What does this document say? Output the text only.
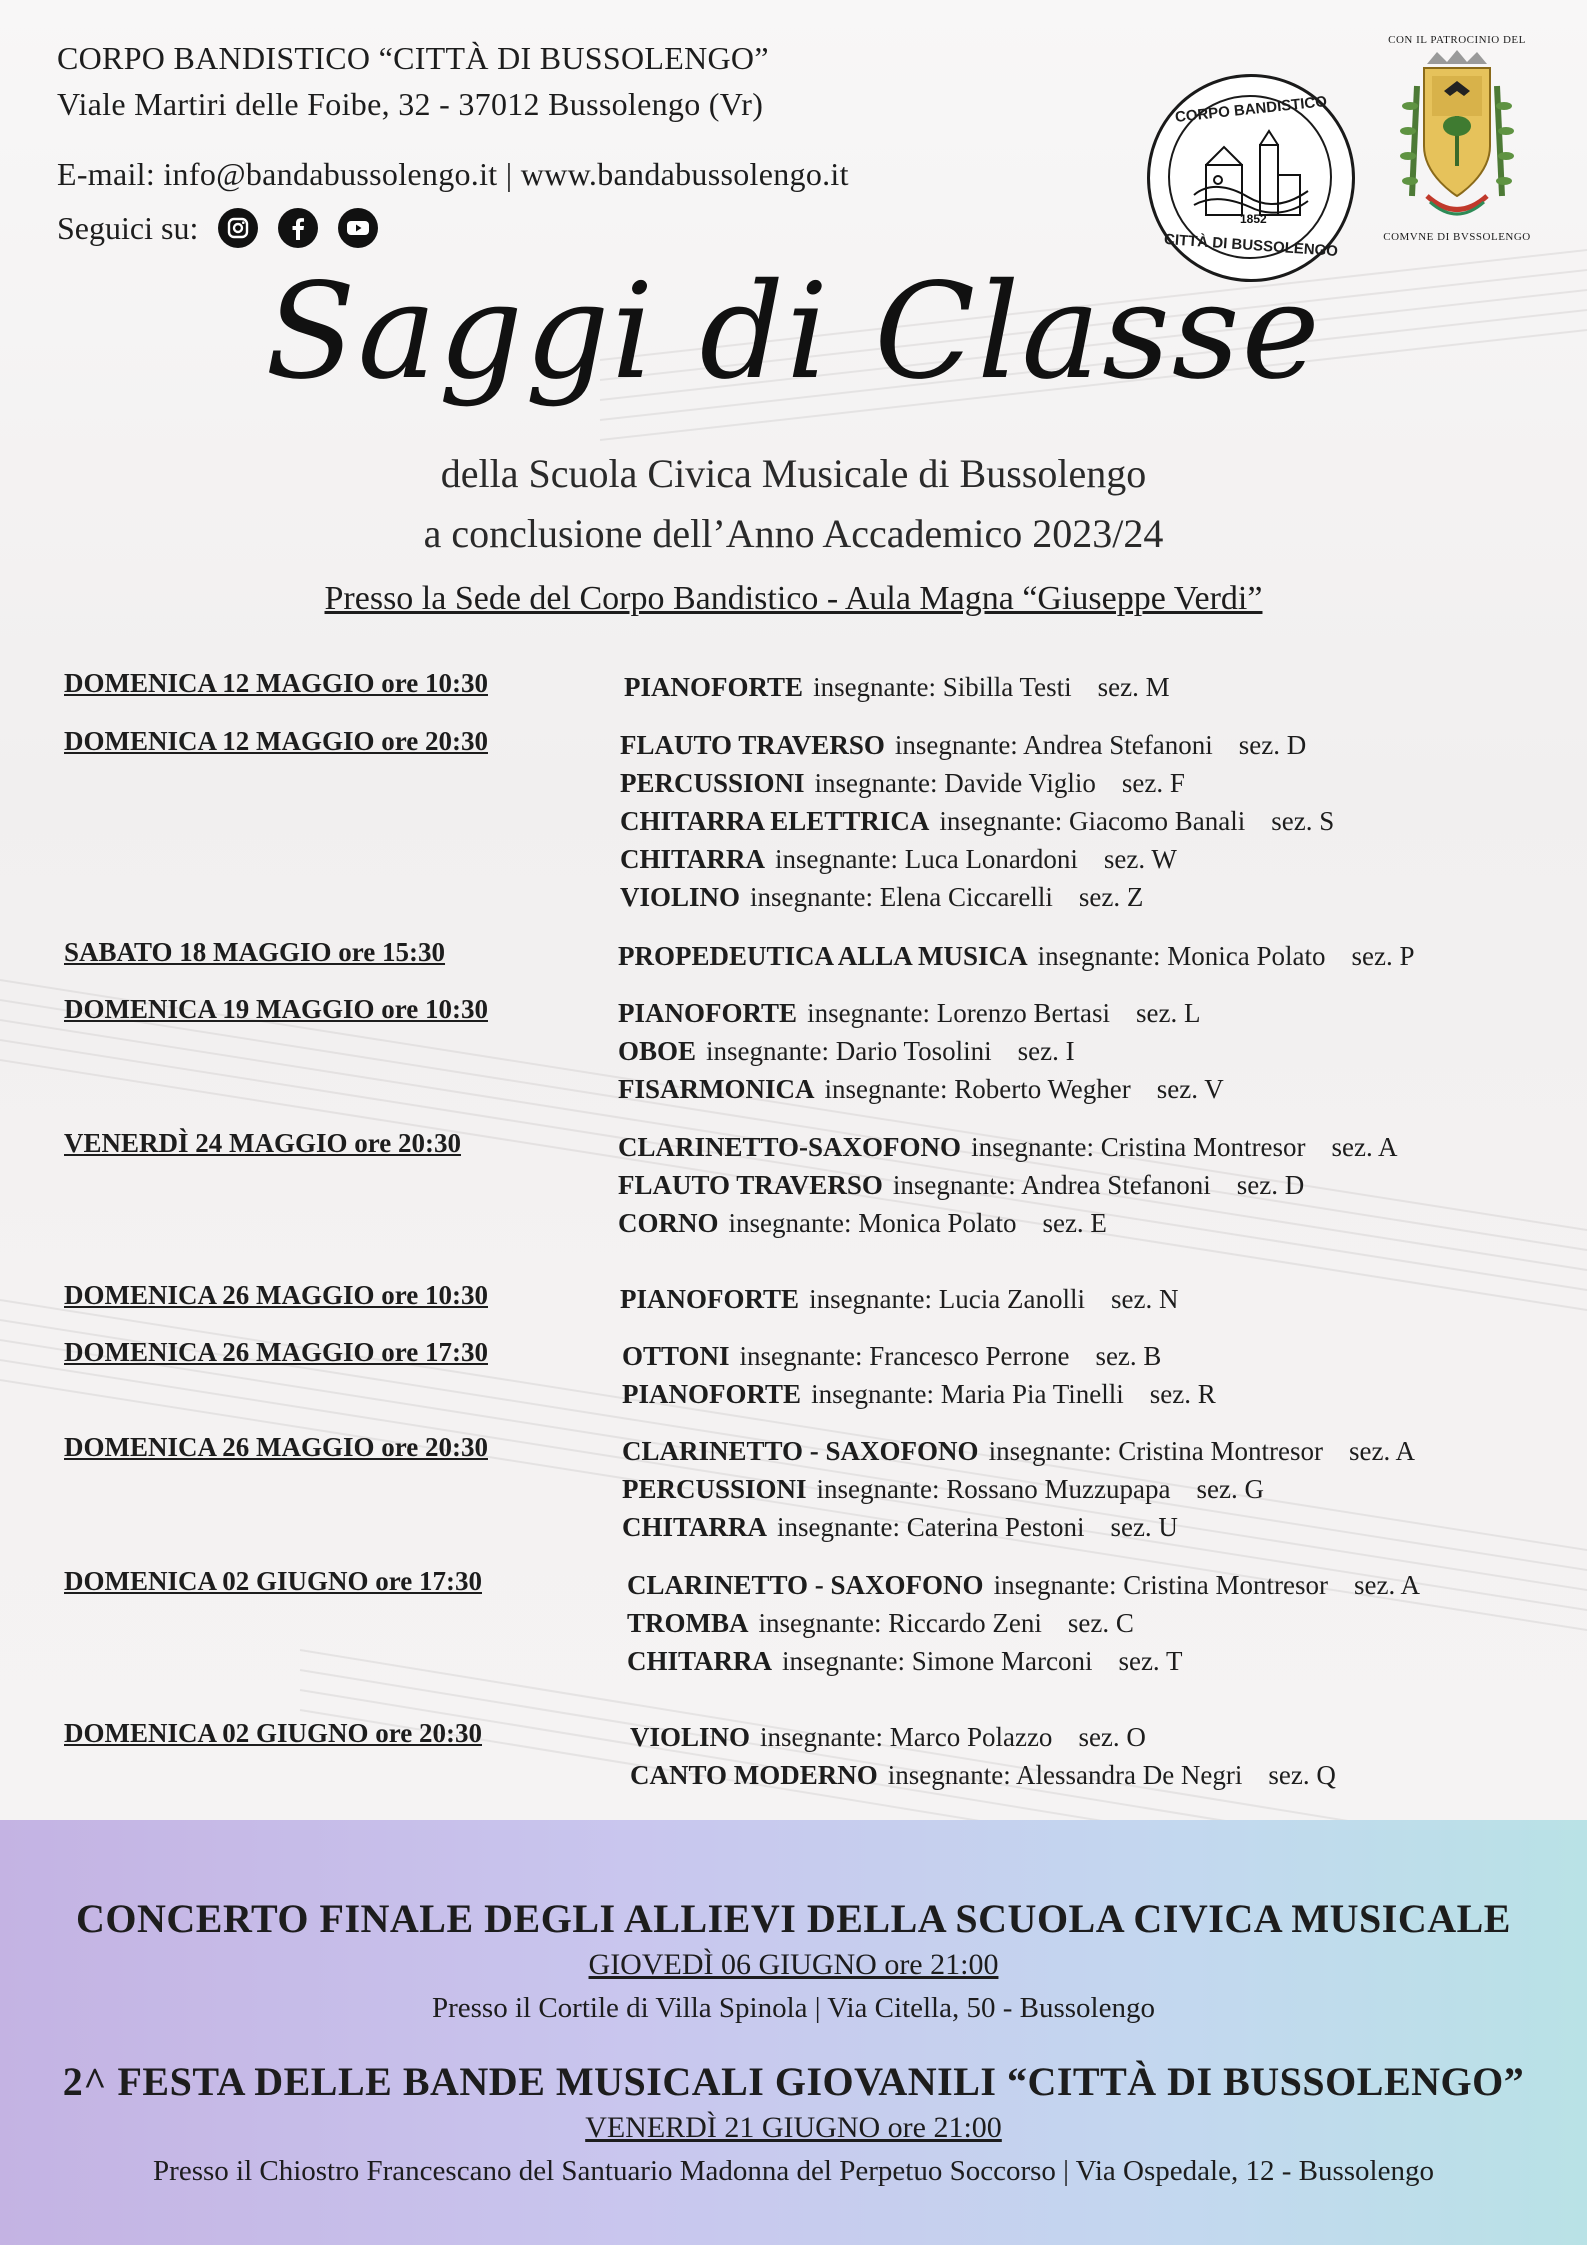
CORPO BANDISTICO “CITTÀ DI BUSSOLENGO”
Viale Martiri delle Foibe, 32 - 37012 Bussolengo (Vr)
E-mail: info@bandabussolengo.it | www.bandabussolengo.it
Seguici su:
CORPO BANDISTICO
1852
CITTÀ DI BUSSOLENGO
CON IL PATROCINIO DEL
COMVNE DI BVSSOLENGO
Saggi di Classe
della Scuola Civica Musicale di Bussolengo
a conclusione dell’Anno Accademico 2023/24
Presso la Sede del Corpo Bandistico - Aula Magna “Giuseppe Verdi”
DOMENICA 12 MAGGIO ore 10:30	PIANOFORTE insegnante: Sibilla Testi sez. M
DOMENICA 12 MAGGIO ore 20:30	FLAUTO TRAVERSO insegnante: Andrea Stefanoni sez. D
PERCUSSIONI insegnante: Davide Viglio sez. F
CHITARRA ELETTRICA insegnante: Giacomo Banali sez. S
CHITARRA insegnante: Luca Lonardoni sez. W
VIOLINO insegnante: Elena Ciccarelli sez. Z
SABATO 18 MAGGIO ore 15:30	PROPEDEUTICA ALLA MUSICA insegnante: Monica Polato sez. P
DOMENICA 19 MAGGIO ore 10:30	PIANOFORTE insegnante: Lorenzo Bertasi sez. L
OBOE insegnante: Dario Tosolini sez. I
FISARMONICA insegnante: Roberto Wegher sez. V
VENERDÌ 24 MAGGIO ore 20:30	CLARINETTO-SAXOFONO insegnante: Cristina Montresor sez. A
FLAUTO TRAVERSO insegnante: Andrea Stefanoni sez. D
CORNO insegnante: Monica Polato sez. E
DOMENICA 26 MAGGIO ore 10:30	PIANOFORTE insegnante: Lucia Zanolli sez. N
DOMENICA 26 MAGGIO ore 17:30	OTTONI insegnante: Francesco Perrone sez. B
PIANOFORTE insegnante: Maria Pia Tinelli sez. R
DOMENICA 26 MAGGIO ore 20:30	CLARINETTO - SAXOFONO insegnante: Cristina Montresor sez. A
PERCUSSIONI insegnante: Rossano Muzzupapa sez. G
CHITARRA insegnante: Caterina Pestoni sez. U
DOMENICA 02 GIUGNO ore 17:30	CLARINETTO - SAXOFONO insegnante: Cristina Montresor sez. A
TROMBA insegnante: Riccardo Zeni sez. C
CHITARRA insegnante: Simone Marconi sez. T
DOMENICA 02 GIUGNO ore 20:30	VIOLINO insegnante: Marco Polazzo sez. O
CANTO MODERNO insegnante: Alessandra De Negri sez. Q
CONCERTO FINALE DEGLI ALLIEVI DELLA SCUOLA CIVICA MUSICALE
GIOVEDÌ 06 GIUGNO ore 21:00
Presso il Cortile di Villa Spinola | Via Citella, 50 - Bussolengo
2^ FESTA DELLE BANDE MUSICALI GIOVANILI “CITTÀ DI BUSSOLENGO”
VENERDÌ 21 GIUGNO ore 21:00
Presso il Chiostro Francescano del Santuario Madonna del Perpetuo Soccorso | Via Ospedale, 12 - Bussolengo
